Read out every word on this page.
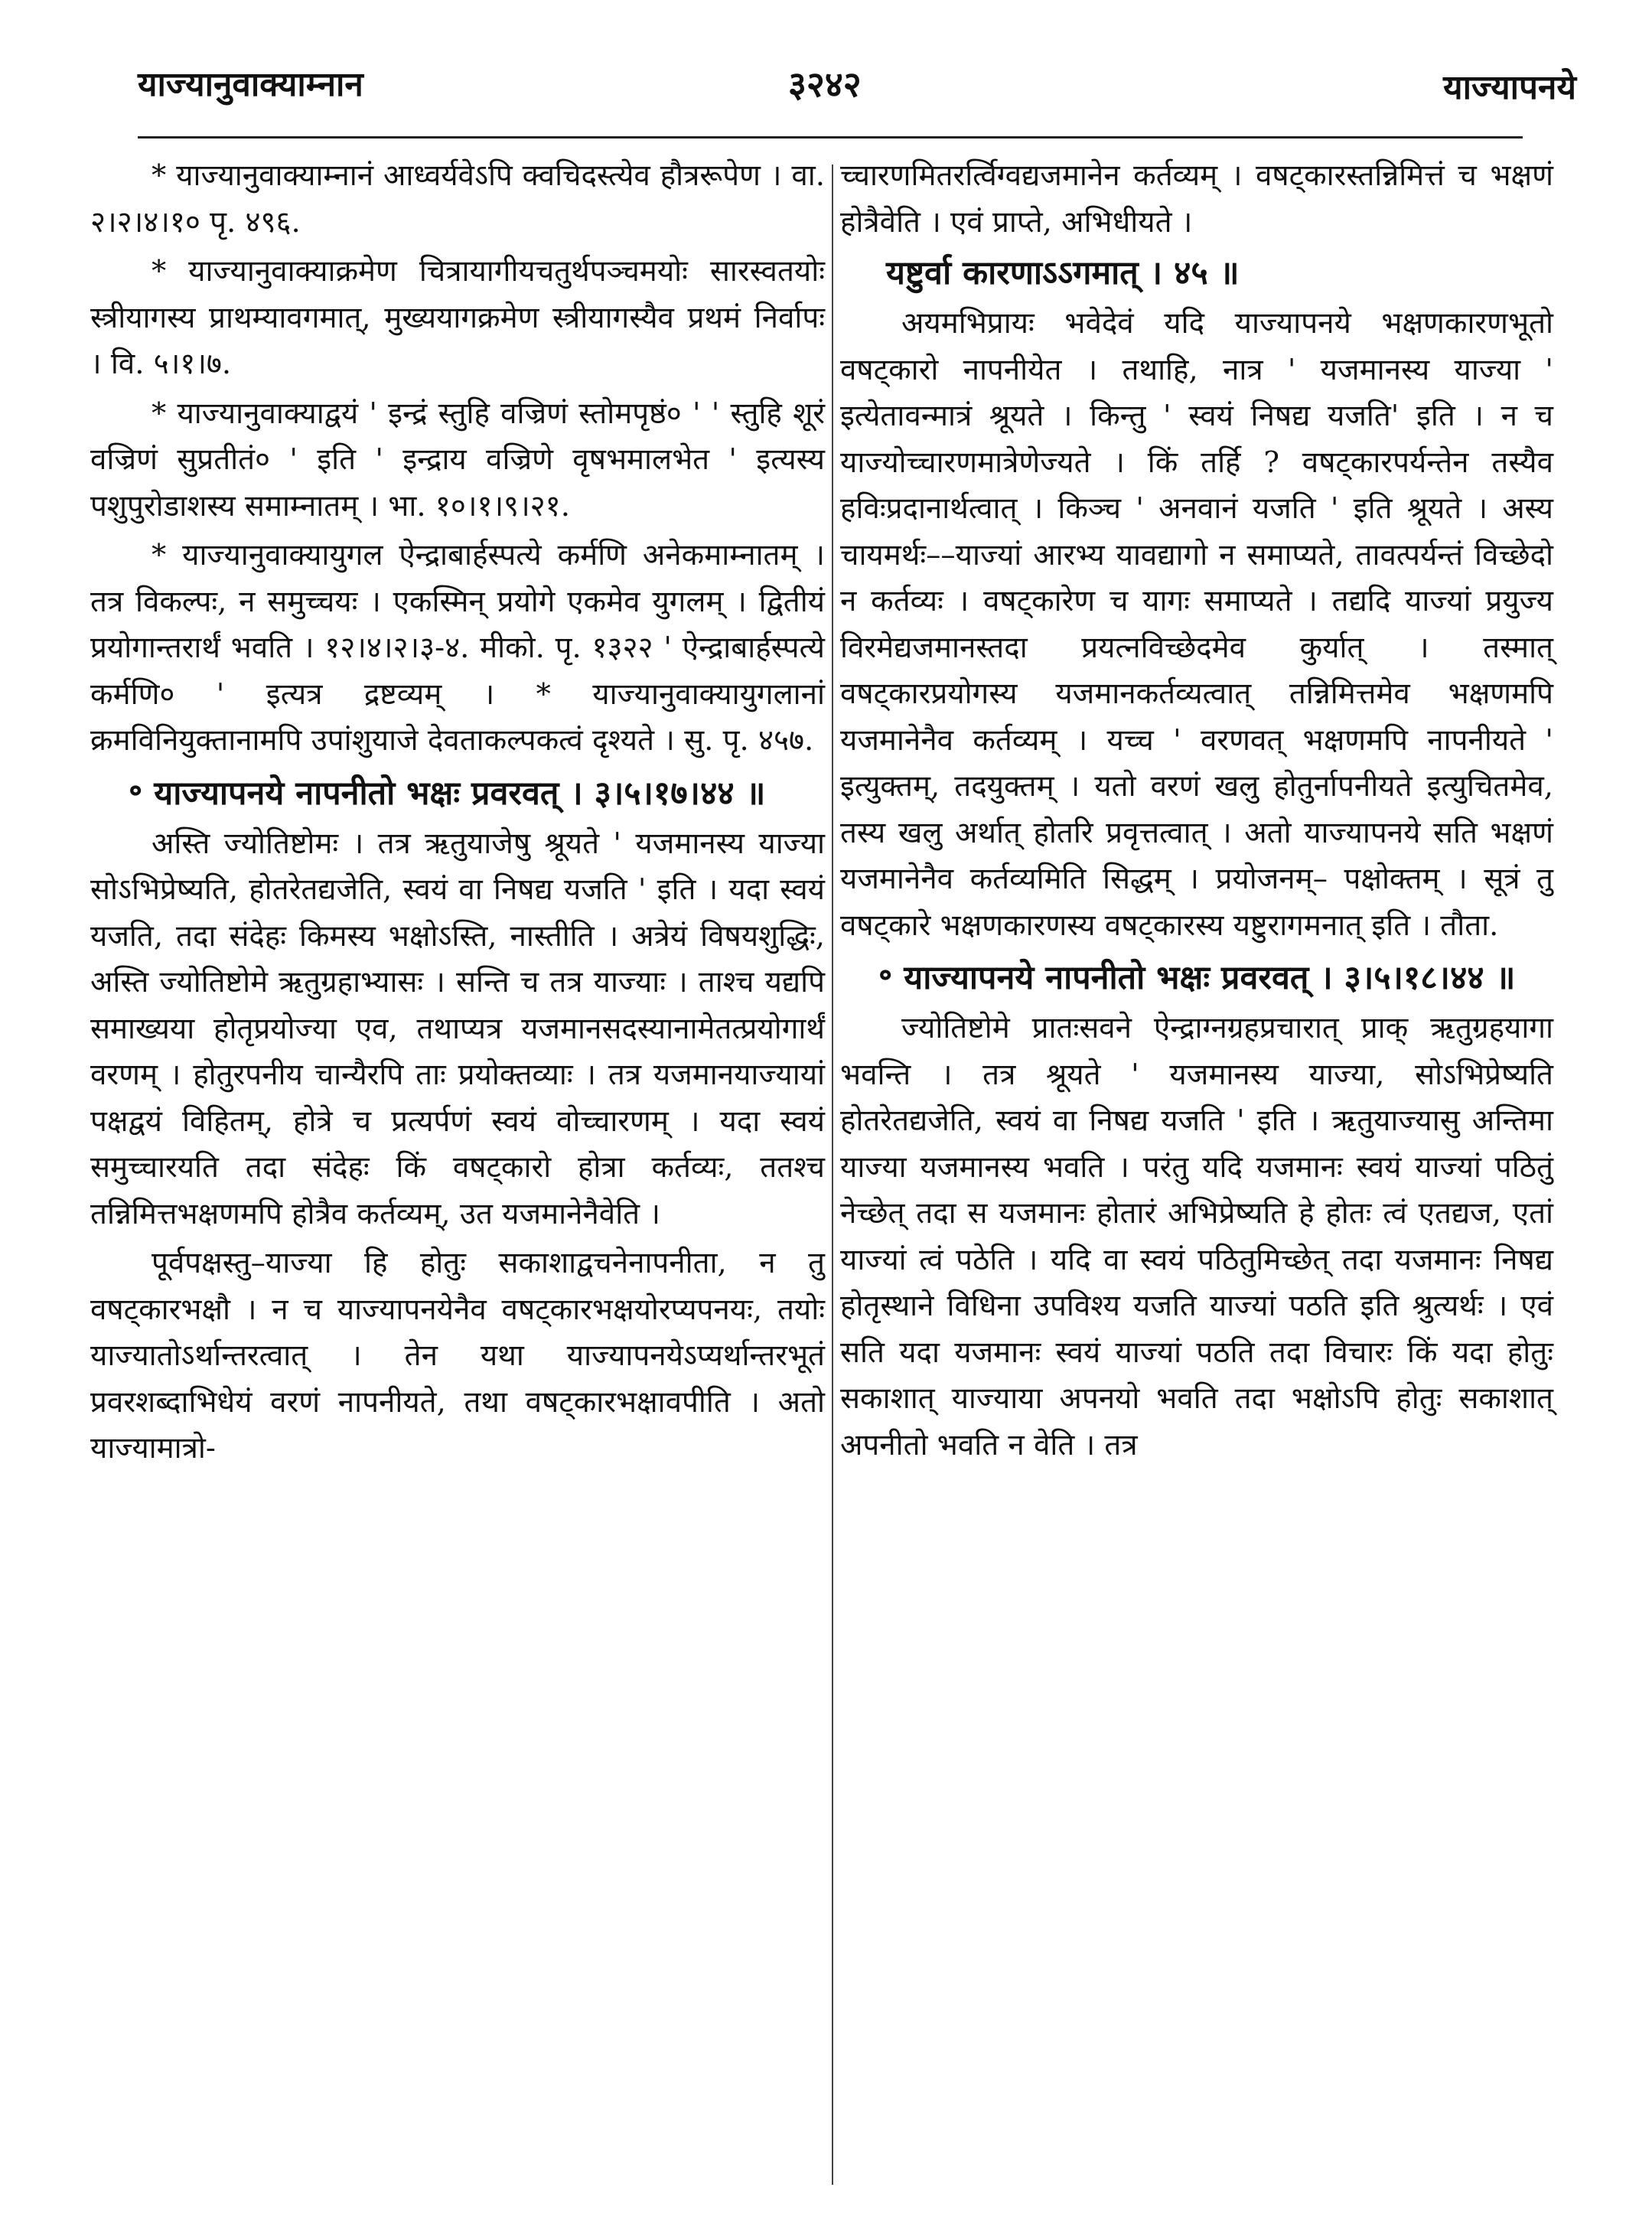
याज्यानुवाक्याम्नान	३२४२	याज्यापनये

* याज्यानुवाक्याम्नानं आध्वर्यवेऽपि क्वचिदस्त्येव हौत्ररूपेण । वा. २।२।४।१० पृ. ४९६.

* याज्यानुवाक्याक्रमेण चित्रायागीयचतुर्थपञ्चमयोः सारस्वतयोः स्त्रीयागस्य प्राथम्यावगमात्, मुख्ययागक्रमेण स्त्रीयागस्यैव प्रथमं निर्वापः । वि. ५।१।७.

* याज्यानुवाक्याद्वयं ' इन्द्रं स्तुहि वज्रिणं स्तोमपृष्ठं० ' ' स्तुहि शूरं वज्रिणं सुप्रतीतं० ' इति ' इन्द्राय वज्रिणे वृषभमालभेत ' इत्यस्य पशुपुरोडाशस्य समाम्नातम् । भा. १०।१।९।२१.

* याज्यानुवाक्यायुगल ऐन्द्राबार्हस्पत्ये कर्मणि अनेकमाम्नातम् । तत्र विकल्पः, न समुच्चयः । एकस्मिन् प्रयोगे एकमेव युगलम् । द्वितीयं प्रयोगान्तरार्थं भवति । १२।४।२।३-४. मीको. पृ. १३२२ ' ऐन्द्राबार्हस्पत्ये कर्मणि० ' इत्यत्र द्रष्टव्यम् । * याज्यानुवाक्यायुगलानां क्रमविनियुक्तानामपि उपांशुयाजे देवताकल्पकत्वं दृश्यते । सु. पृ. ४५७.

॰ याज्यापनये नापनीतो भक्षः प्रवरवत् । ३।५।१७।४४ ॥

अस्ति ज्योतिष्टोमः । तत्र ऋतुयाजेषु श्रूयते ' यजमानस्य याज्या सोऽभिप्रेष्यति, होतरेतद्यजेति, स्वयं वा निषद्य यजति ' इति । यदा स्वयं यजति, तदा संदेहः किमस्य भक्षोऽस्ति, नास्तीति । अत्रेयं विषयशुद्धिः, अस्ति ज्योतिष्टोमे ऋतुग्रहाभ्यासः । सन्ति च तत्र याज्याः । ताश्च यद्यपि समाख्यया होतृप्रयोज्या एव, तथाप्यत्र यजमानसदस्यानामेतत्प्रयोगार्थं वरणम् । होतुरपनीय चान्यैरपि ताः प्रयोक्तव्याः । तत्र यजमानयाज्यायां पक्षद्वयं विहितम्, होत्रे च प्रत्यर्पणं स्वयं वोच्चारणम् । यदा स्वयं समुच्चारयति तदा संदेहः किं वषट्कारो होत्रा कर्तव्यः, ततश्च तन्निमित्तभक्षणमपि होत्रैव कर्तव्यम्, उत यजमानेनैवेति ।

पूर्वपक्षस्तु–याज्या हि होतुः सकाशाद्वचनेनापनीता, न तु वषट्कारभक्षौ । न च याज्यापनयेनैव वषट्कारभक्षयोरप्यपनयः, तयोः याज्यातोऽर्थान्तरत्वात् । तेन यथा याज्यापनयेऽप्यर्थान्तरभूतं प्रवरशब्दाभिधेयं वरणं नापनीयते, तथा वषट्कारभक्षावपीति । अतो याज्यामात्रो-

च्चारणमितरर्त्विग्वद्यजमानेन कर्तव्यम् । वषट्कारस्तन्निमित्तं च भक्षणं होत्रैवेति । एवं प्राप्ते, अभिधीयते ।

यष्टुर्वा कारणाऽऽगमात् । ४५ ॥

अयमभिप्रायः भवेदेवं यदि याज्यापनये भक्षणकारणभूतो वषट्कारो नापनीयेत । तथाहि, नात्र ' यजमानस्य याज्या ' इत्येतावन्मात्रं श्रूयते । किन्तु ' स्वयं निषद्य यजति' इति । न च याज्योच्चारणमात्रेणेज्यते । किं तर्हि ? वषट्कारपर्यन्तेन तस्यैव हविःप्रदानार्थत्वात् । किञ्च ' अनवानं यजति ' इति श्रूयते । अस्य चायमर्थः––याज्यां आरभ्य यावद्यागो न समाप्यते, तावत्पर्यन्तं विच्छेदो न कर्तव्यः । वषट्कारेण च यागः समाप्यते । तद्यदि याज्यां प्रयुज्य विरमेद्यजमानस्तदा प्रयत्नविच्छेदमेव कुर्यात् । तस्मात् वषट्कारप्रयोगस्य यजमानकर्तव्यत्वात् तन्निमित्तमेव भक्षणमपि यजमानेनैव कर्तव्यम् । यच्च ' वरणवत् भक्षणमपि नापनीयते ' इत्युक्तम्, तदयुक्तम् । यतो वरणं खलु होतुर्नापनीयते इत्युचितमेव, तस्य खलु अर्थात् होतरि प्रवृत्तत्वात् । अतो याज्यापनये सति भक्षणं यजमानेनैव कर्तव्यमिति सिद्धम् । प्रयोजनम्– पक्षोक्तम् । सूत्रं तु वषट्कारे भक्षणकारणस्य वषट्कारस्य यष्टुरागमनात् इति । तौता.

॰ याज्यापनये नापनीतो भक्षः प्रवरवत् । ३।५।१८।४४ ॥

ज्योतिष्टोमे प्रातःसवने ऐन्द्राग्नग्रहप्रचारात् प्राक् ऋतुग्रहयागा भवन्ति । तत्र श्रूयते ' यजमानस्य याज्या, सोऽभिप्रेष्यति होतरेतद्यजेति, स्वयं वा निषद्य यजति ' इति । ऋतुयाज्यासु अन्तिमा याज्या यजमानस्य भवति । परंतु यदि यजमानः स्वयं याज्यां पठितुं नेच्छेत् तदा स यजमानः होतारं अभिप्रेष्यति हे होतः त्वं एतद्यज, एतां याज्यां त्वं पठेति । यदि वा स्वयं पठितुमिच्छेत् तदा यजमानः निषद्य होतृस्थाने विधिना उपविश्य यजति याज्यां पठति इति श्रुत्यर्थः । एवं सति यदा यजमानः स्वयं याज्यां पठति तदा विचारः किं यदा होतुः सकाशात् याज्याया अपनयो भवति तदा भक्षोऽपि होतुः सकाशात् अपनीतो भवति न वेति । तत्र
